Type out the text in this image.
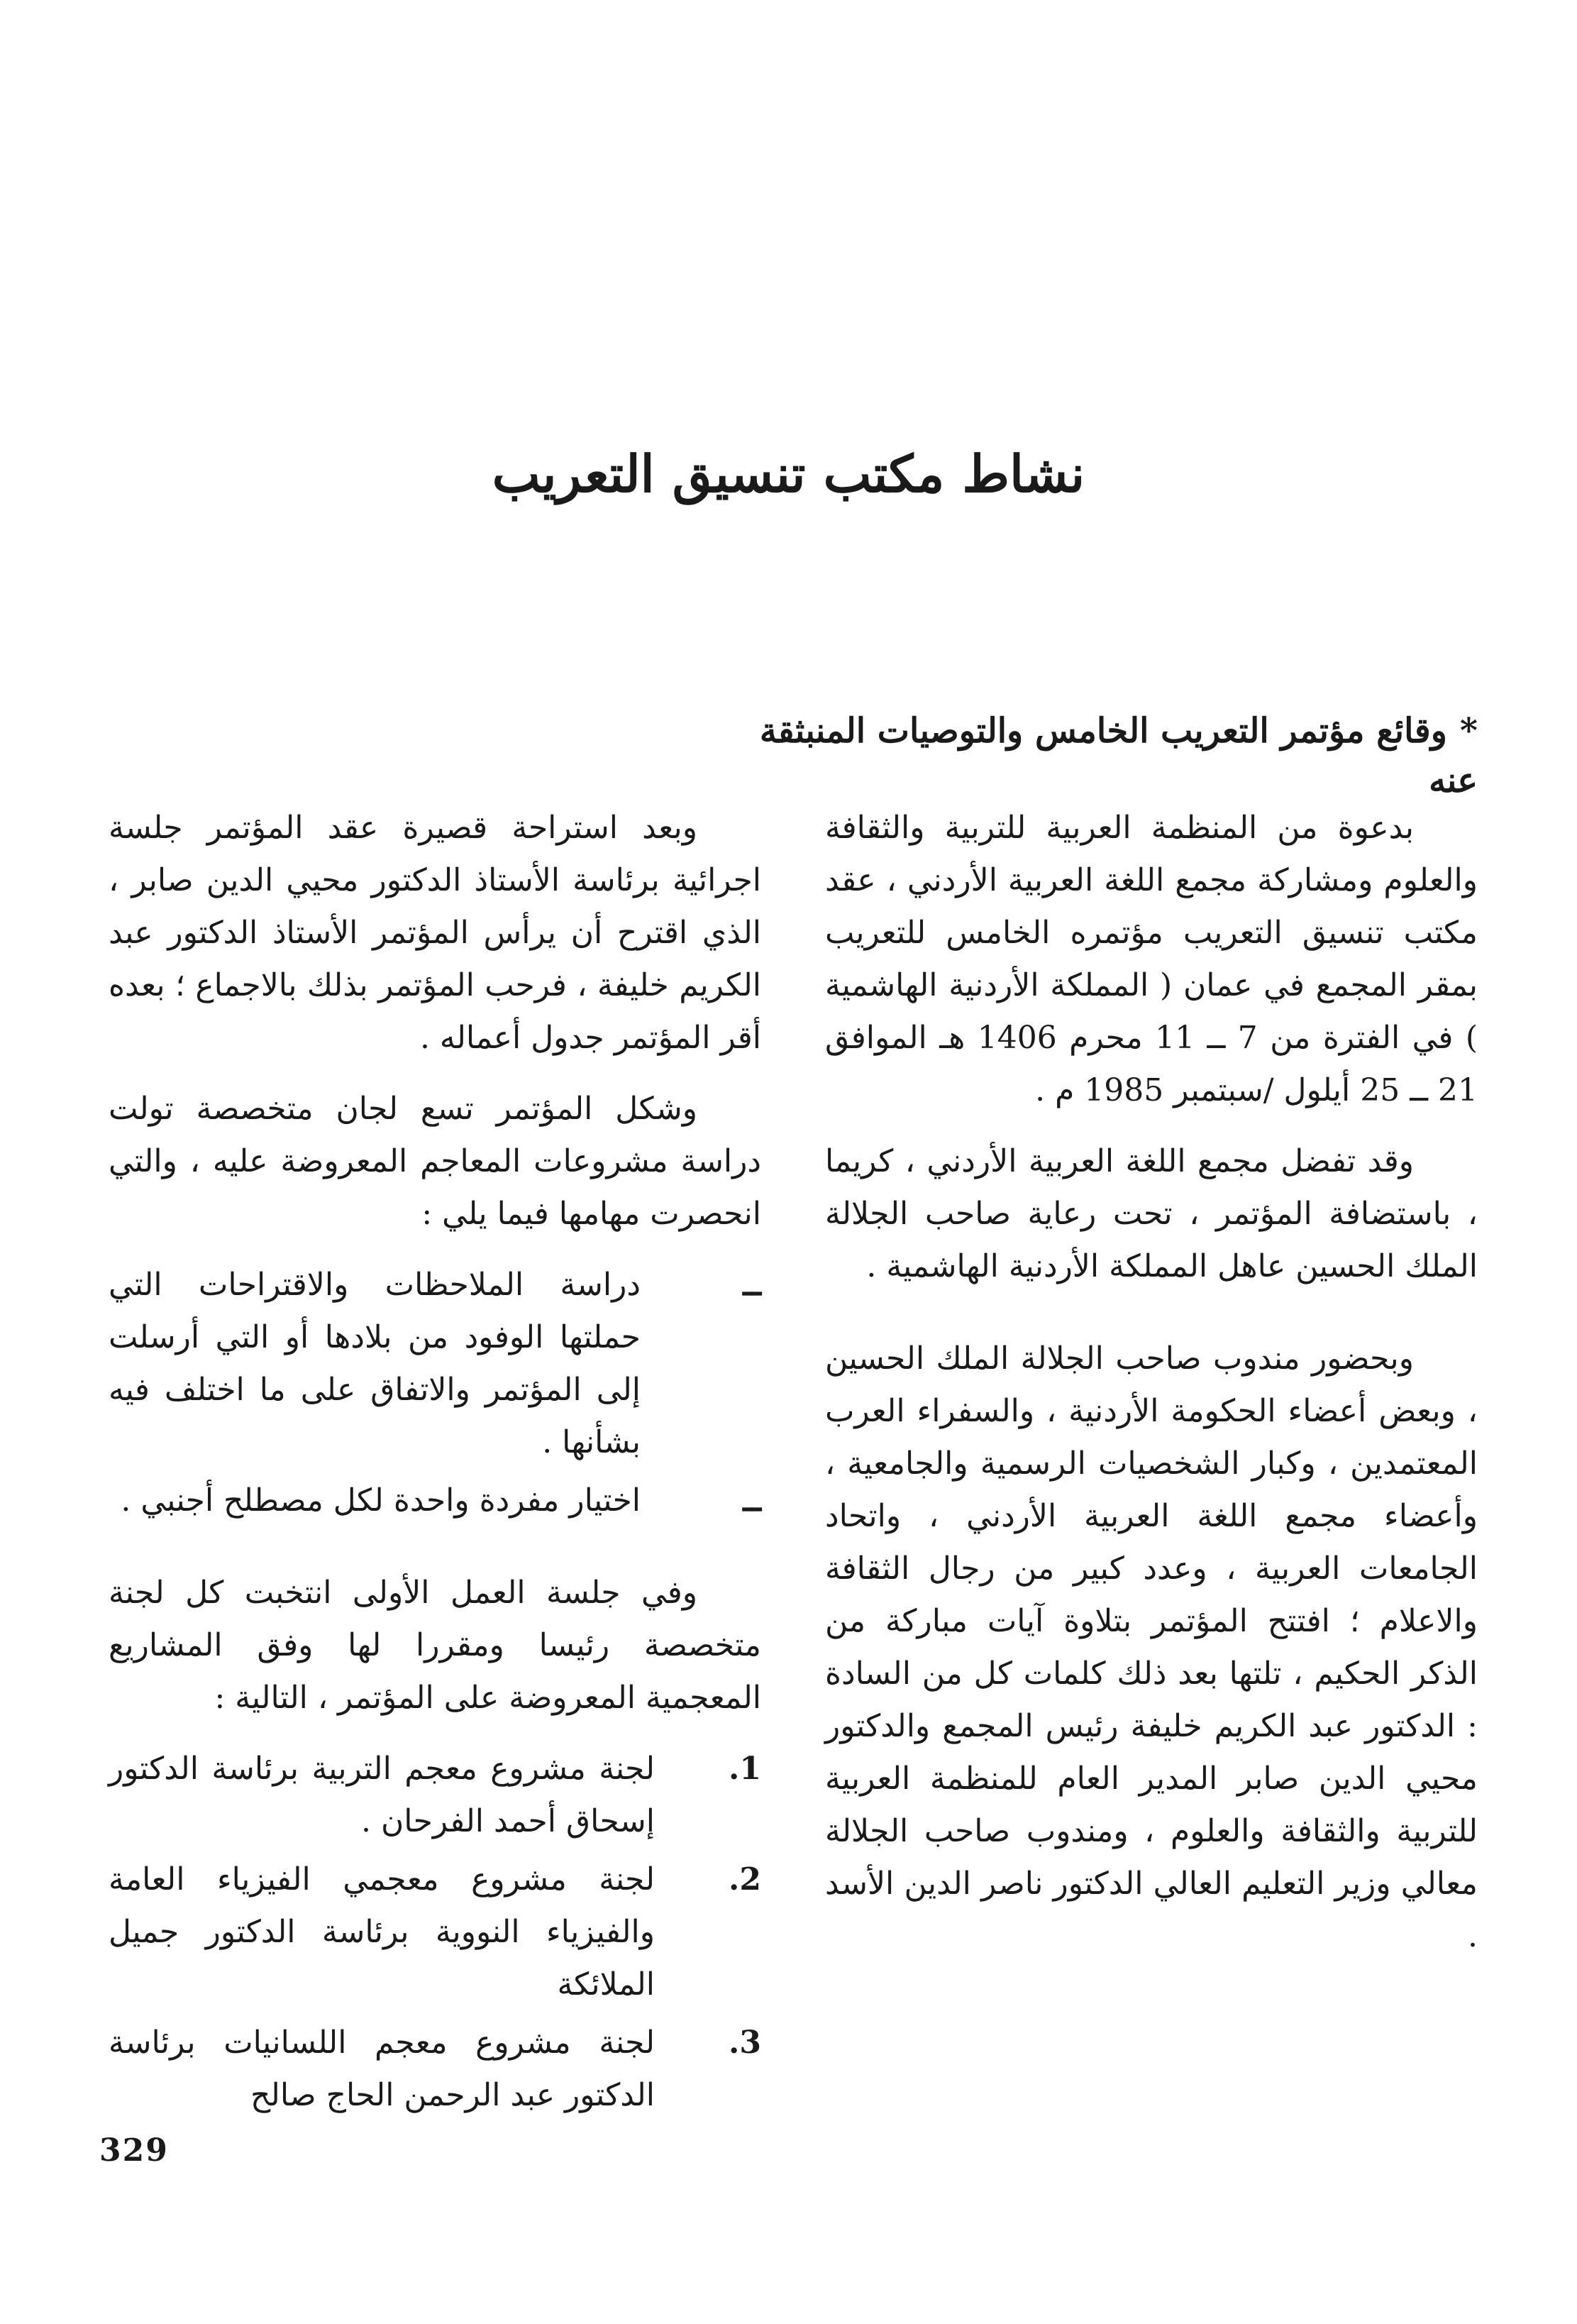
نشاط مكتب تنسيق التعريب
*وقائع مؤتمر التعريب الخامس والتوصيات المنبثقة عنه

بدعوة من المنظمة العربية للتربية والثقافة والعلوم ومشاركة مجمع اللغة العربية الأردني ، عقد مكتب تنسيق التعريب مؤتمره الخامس للتعريب بمقر المجمع في عمان ( المملكة الأردنية الهاشمية ) في الفترة من 7 ــ 11 محرم 1406 هـ الموافق 21 ــ 25 أيلول /سبتمبر 1985 م .

وقد تفضل مجمع اللغة العربية الأردني ، كريما ، باستضافة المؤتمر ، تحت رعاية صاحب الجلالة الملك الحسين عاهل المملكة الأردنية الهاشمية .

وبحضور مندوب صاحب الجلالة الملك الحسين ، وبعض أعضاء الحكومة الأردنية ، والسفراء العرب المعتمدين ، وكبار الشخصيات الرسمية والجامعية ، وأعضاء مجمع اللغة العربية الأردني ، واتحاد الجامعات العربية ، وعدد كبير من رجال الثقافة والاعلام ؛ افتتح المؤتمر بتلاوة آيات مباركة من الذكر الحكيم ، تلتها بعد ذلك كلمات كل من السادة : الدكتور عبد الكريم خليفة رئيس المجمع والدكتور محيي الدين صابر المدير العام للمنظمة العربية للتربية والثقافة والعلوم ، ومندوب صاحب الجلالة معالي وزير التعليم العالي الدكتور ناصر الدين الأسد .

وبعد استراحة قصيرة عقد المؤتمر جلسة اجرائية برئاسة الأستاذ الدكتور محيي الدين صابر ، الذي اقترح أن يرأس المؤتمر الأستاذ الدكتور عبد الكريم خليفة ، فرحب المؤتمر بذلك بالاجماع ؛ بعده أقر المؤتمر جدول أعماله .

وشكل المؤتمر تسع لجان متخصصة تولت دراسة مشروعات المعاجم المعروضة عليه ، والتي انحصرت مهامها فيما يلي :

ــ
دراسة الملاحظات والاقتراحات التي حملتها الوفود من بلادها أو التي أرسلت إلى المؤتمر والاتفاق على ما اختلف فيه بشأنها .
ــ
اختيار مفردة واحدة لكل مصطلح أجنبي .

وفي جلسة العمل الأولى انتخبت كل لجنة متخصصة رئيسا ومقررا لها وفق المشاريع المعجمية المعروضة على المؤتمر ، التالية :

1.
لجنة مشروع معجم التربية برئاسة الدكتور إسحاق أحمد الفرحان .
2.
لجنة مشروع معجمي الفيزياء العامة والفيزياء النووية برئاسة الدكتور جميل الملائكة
3.
لجنة مشروع معجم اللسانيات برئاسة الدكتور عبد الرحمن الحاج صالح
329
